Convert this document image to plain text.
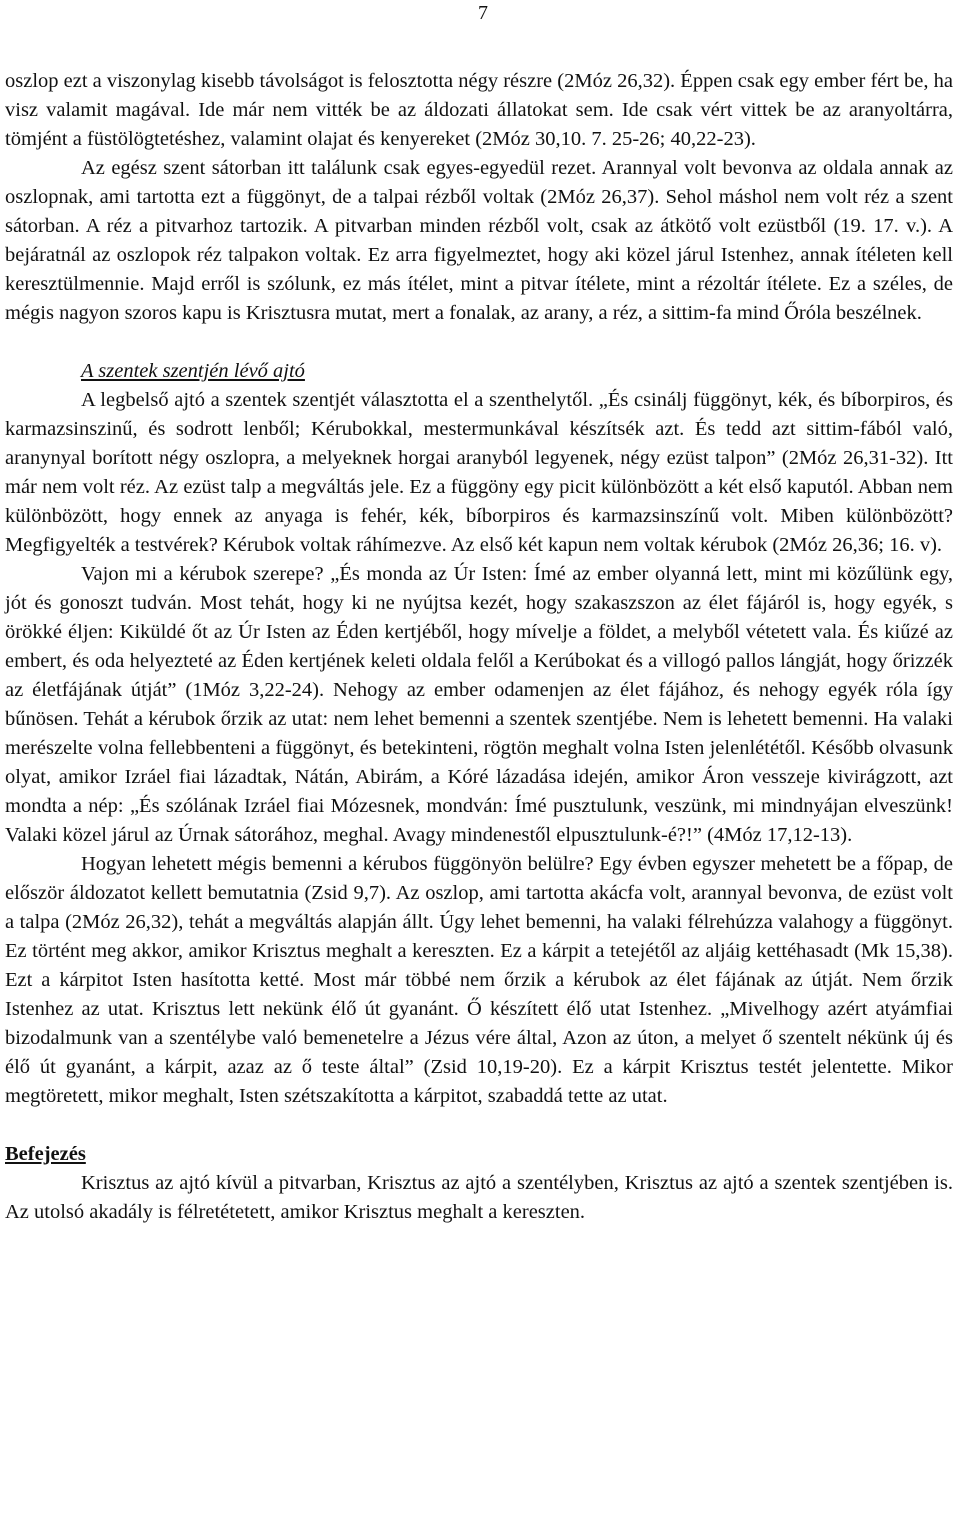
7

oszlop ezt a viszonylag kisebb távolságot is felosztotta négy részre (2Móz 26,32). Éppen csak egy ember fért be, ha visz valamit magával. Ide már nem vitték be az áldozati állatokat sem. Ide csak vért vittek be az aranyoltárra, tömjént a füstölögtetéshez, valamint olajat és kenyereket (2Móz 30,10. 7. 25-26; 40,22-23).

Az egész szent sátorban itt találunk csak egyes-egyedül rezet. Arannyal volt bevonva az oldala annak az oszlopnak, ami tartotta ezt a függönyt, de a talpai rézből voltak (2Móz 26,37). Sehol máshol nem volt réz a szent sátorban. A réz a pitvarhoz tartozik. A pitvarban minden rézből volt, csak az átkötő volt ezüstből (19. 17. v.). A bejáratnál az oszlopok réz talpakon voltak. Ez arra figyelmeztet, hogy aki közel járul Istenhez, annak ítéleten kell keresztülmennie. Majd erről is szólunk, ez más ítélet, mint a pitvar ítélete, mint a rézoltár ítélete. Ez a széles, de mégis nagyon szoros kapu is Krisztusra mutat, mert a fonalak, az arany, a réz, a sittim-fa mind Őróla beszélnek.

A szentek szentjén lévő ajtó

A legbelső ajtó a szentek szentjét választotta el a szenthelytől. „És csinálj függönyt, kék, és bíborpiros, és karmazsinszinű, és sodrott lenből; Kérubokkal, mestermunkával készítsék azt. És tedd azt sittim-fából való, aranynyal borított négy oszlopra, a melyeknek horgai aranyból legyenek, négy ezüst talpon” (2Móz 26,31-32). Itt már nem volt réz. Az ezüst talp a megváltás jele. Ez a függöny egy picit különbözött a két első kaputól. Abban nem különbözött, hogy ennek az anyaga is fehér, kék, bíborpiros és karmazsinszínű volt. Miben különbözött? Megfigyelték a testvérek? Kérubok voltak ráhímezve. Az első két kapun nem voltak kérubok (2Móz 26,36; 16. v).

Vajon mi a kérubok szerepe? „És monda az Úr Isten: Ímé az ember olyanná lett, mint mi közűlünk egy, jót és gonoszt tudván. Most tehát, hogy ki ne nyújtsa kezét, hogy szakaszszon az élet fájáról is, hogy egyék, s örökké éljen: Kiküldé őt az Úr Isten az Éden kertjéből, hogy mívelje a földet, a melyből vétetett vala. És kiűzé az embert, és oda helyezteté az Éden kertjének keleti oldala felől a Kerúbokat és a villogó pallos lángját, hogy őrizzék az életfájának útját” (1Móz 3,22-24). Nehogy az ember odamenjen az élet fájához, és nehogy egyék róla így bűnösen. Tehát a kérubok őrzik az utat: nem lehet bemenni a szentek szentjébe. Nem is lehetett bemenni. Ha valaki merészelte volna fellebbenteni a függönyt, és betekinteni, rögtön meghalt volna Isten jelenlététől. Később olvasunk olyat, amikor Izráel fiai lázadtak, Nátán, Abirám, a Kóré lázadása idején, amikor Áron vesszeje kivirágzott, azt mondta a nép: „És szólának Izráel fiai Mózesnek, mondván: Ímé pusztulunk, veszünk, mi mindnyájan elveszünk! Valaki közel járul az Úrnak sátorához, meghal. Avagy mindenestől elpusztulunk-é?!” (4Móz 17,12-13).

Hogyan lehetett mégis bemenni a kérubos függönyön belülre? Egy évben egyszer mehetett be a főpap, de először áldozatot kellett bemutatnia (Zsid 9,7). Az oszlop, ami tartotta akácfa volt, arannyal bevonva, de ezüst volt a talpa (2Móz 26,32), tehát a megváltás alapján állt. Úgy lehet bemenni, ha valaki félrehúzza valahogy a függönyt. Ez történt meg akkor, amikor Krisztus meghalt a kereszten. Ez a kárpit a tetejétől az aljáig kettéhasadt (Mk 15,38). Ezt a kárpitot Isten hasította ketté. Most már többé nem őrzik a kérubok az élet fájának az útját. Nem őrzik Istenhez az utat. Krisztus lett nekünk élő út gyanánt. Ő készített élő utat Istenhez. „Mivelhogy azért atyámfiai bizodalmunk van a szentélybe való bemenetelre a Jézus vére által, Azon az úton, a melyet ő szentelt nékünk új és élő út gyanánt, a kárpit, azaz az ő teste által” (Zsid 10,19-20). Ez a kárpit Krisztus testét jelentette. Mikor megtöretett, mikor meghalt, Isten szétszakította a kárpitot, szabaddá tette az utat.

Befejezés

Krisztus az ajtó kívül a pitvarban, Krisztus az ajtó a szentélyben, Krisztus az ajtó a szentek szentjében is. Az utolsó akadály is félretétetett, amikor Krisztus meghalt a kereszten.
